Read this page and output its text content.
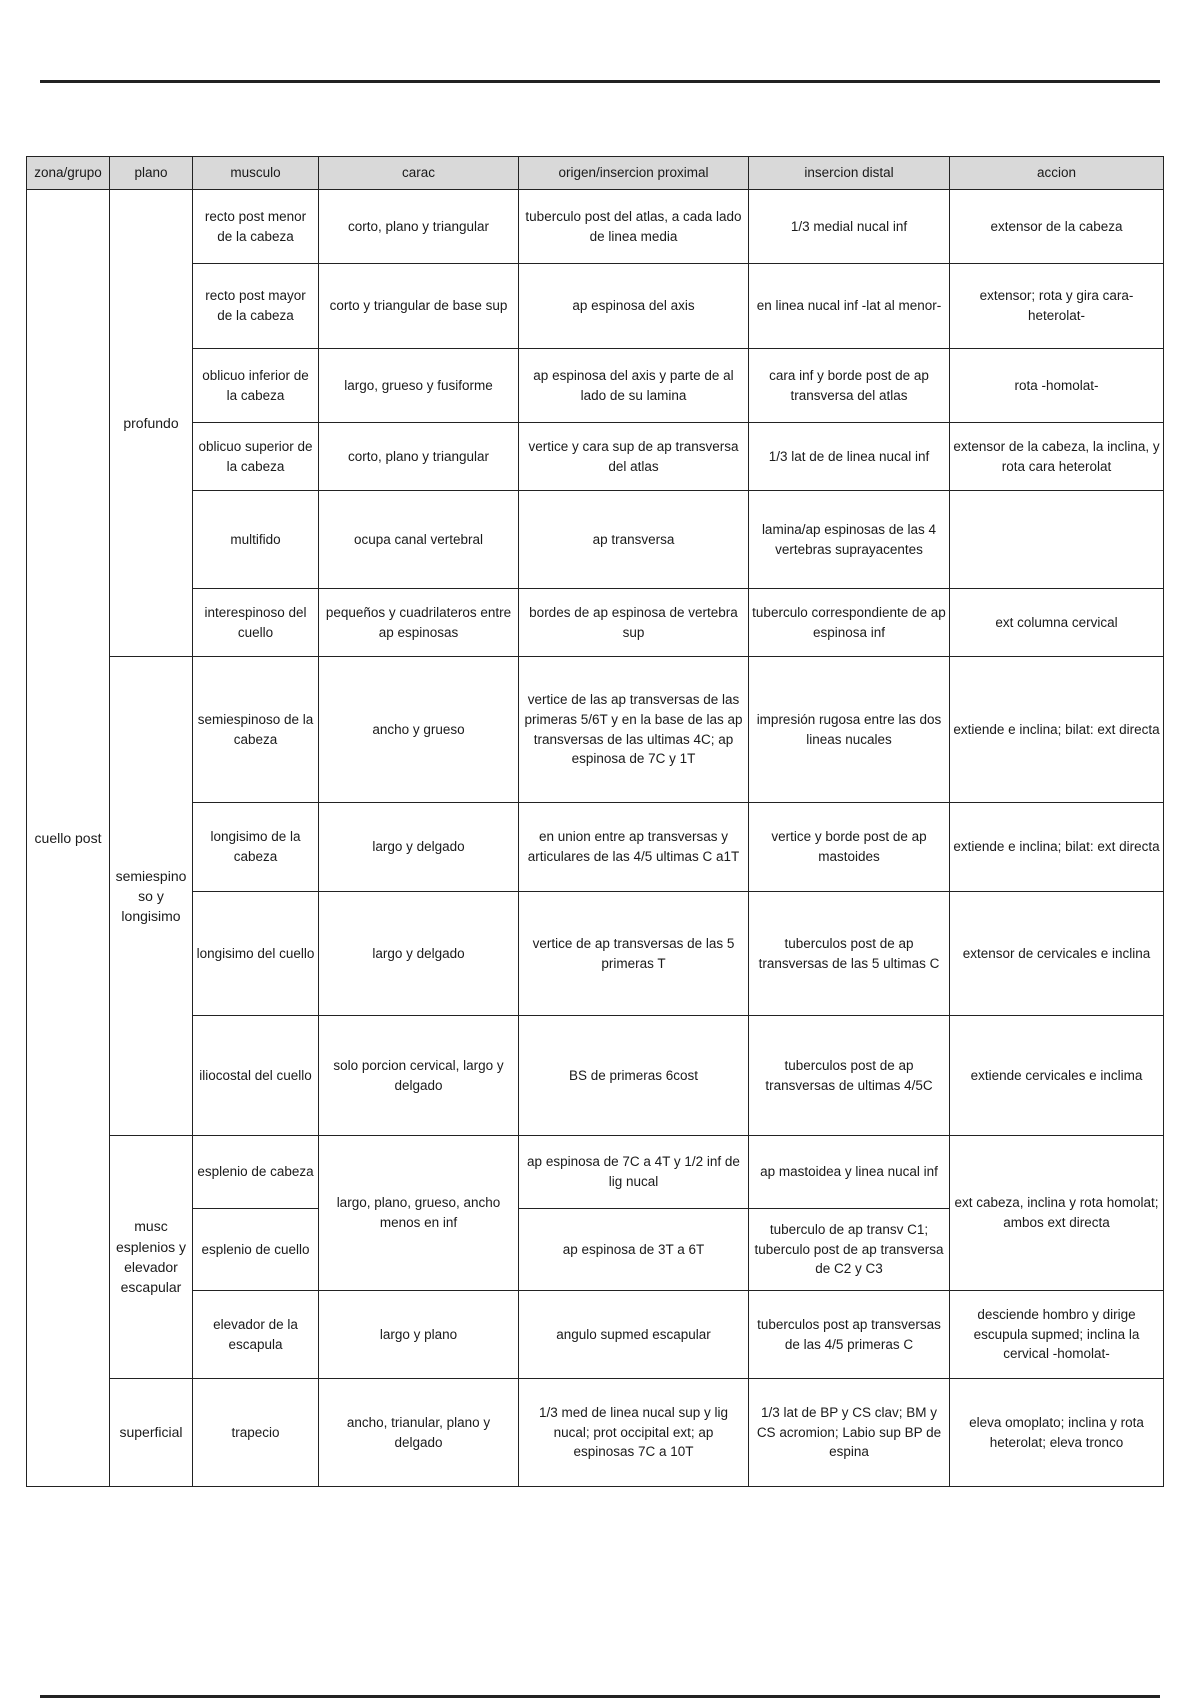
zona/grupo	plano	musculo	carac	origen/insercion proximal	insercion distal	accion
cuello post	profundo	recto post menor de la cabeza	corto, plano y triangular	tuberculo post del atlas, a cada lado de linea media	1/3 medial nucal inf	extensor de la cabeza
		recto post mayor de la cabeza	corto y triangular de base sup	ap espinosa del axis	en linea nucal inf -lat al menor-	extensor; rota y gira cara-heterolat-
		oblicuo inferior de la cabeza	largo, grueso y fusiforme	ap espinosa del axis y parte de al lado de su lamina	cara inf y borde post de ap transversa del atlas	rota -homolat-
		oblicuo superior de la cabeza	corto, plano y triangular	vertice y cara sup de ap transversa del atlas	1/3 lat de de linea nucal inf	extensor de la cabeza, la inclina, y rota cara heterolat
		multifido	ocupa canal vertebral	ap transversa	lamina/ap espinosas de las 4 vertebras suprayacentes	
		interespinoso del cuello	pequeños y cuadrilateros entre ap espinosas	bordes de ap espinosa de vertebra sup	tuberculo correspondiente de ap espinosa inf	ext columna cervical
	semiespinoso y longisimo	semiespinoso de la cabeza	ancho y grueso	vertice de las ap transversas de las primeras 5/6T y en la base de las ap transversas de las ultimas 4C; ap espinosa de 7C y 1T	impresión rugosa entre las dos lineas nucales	extiende e inclina; bilat: ext directa
		longisimo de la cabeza	largo y delgado	en union entre ap transversas y articulares de las 4/5 ultimas C a1T	vertice y borde post de ap mastoides	extiende e inclina; bilat: ext directa
		longisimo del cuello	largo y delgado	vertice de ap transversas de las 5 primeras T	tuberculos post de ap transversas de las 5 ultimas C	extensor de cervicales e inclina
		iliocostal del cuello	solo porcion cervical, largo y delgado	BS de primeras 6cost	tuberculos post de ap transversas de ultimas 4/5C	extiende cervicales e inclima
	musc esplenios y elevador escapular	esplenio de cabeza	largo, plano, grueso, ancho menos en inf	ap espinosa de 7C a 4T y 1/2 inf de lig nucal	ap mastoidea y linea nucal inf	ext cabeza, inclina y rota homolat; ambos ext directa
		esplenio de cuello		ap espinosa de 3T a 6T	tuberculo de ap transv C1; tuberculo post de ap transversa de C2 y C3	
		elevador de la escapula	largo y plano	angulo supmed escapular	tuberculos post ap transversas de las 4/5 primeras C	desciende hombro y dirige escupula supmed; inclina la cervical -homolat-
	superficial	trapecio	ancho, trianular, plano y delgado	1/3 med de linea nucal sup y lig nucal; prot occipital ext; ap espinosas 7C a 10T	1/3 lat de BP y CS clav; BM y CS acromion; Labio sup BP de espina	eleva omoplato; inclina y rota heterolat; eleva tronco
